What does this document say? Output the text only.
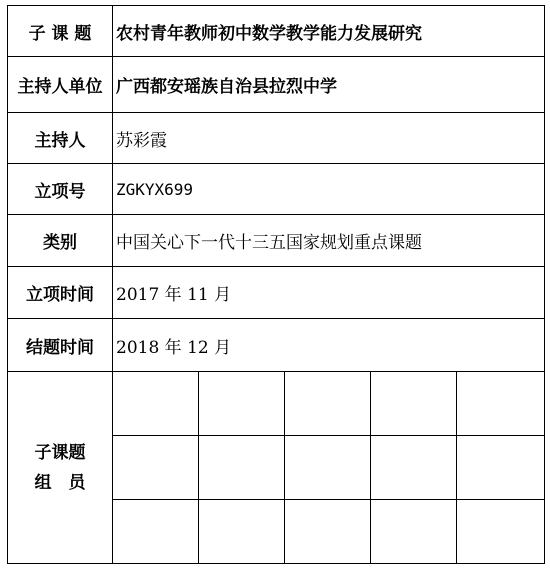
子 课 题	农村青年教师初中数学教学能力发展研究				
主持人单位	广西都安瑶族自治县拉烈中学				
主持人	苏彩霞				
立项号	ZGKYX699				
类别	中国关心下一代十三五国家规划重点课题				
立项时间	2017 年 11 月				
结题时间	2018 年 12 月				

子课题
组　员					
